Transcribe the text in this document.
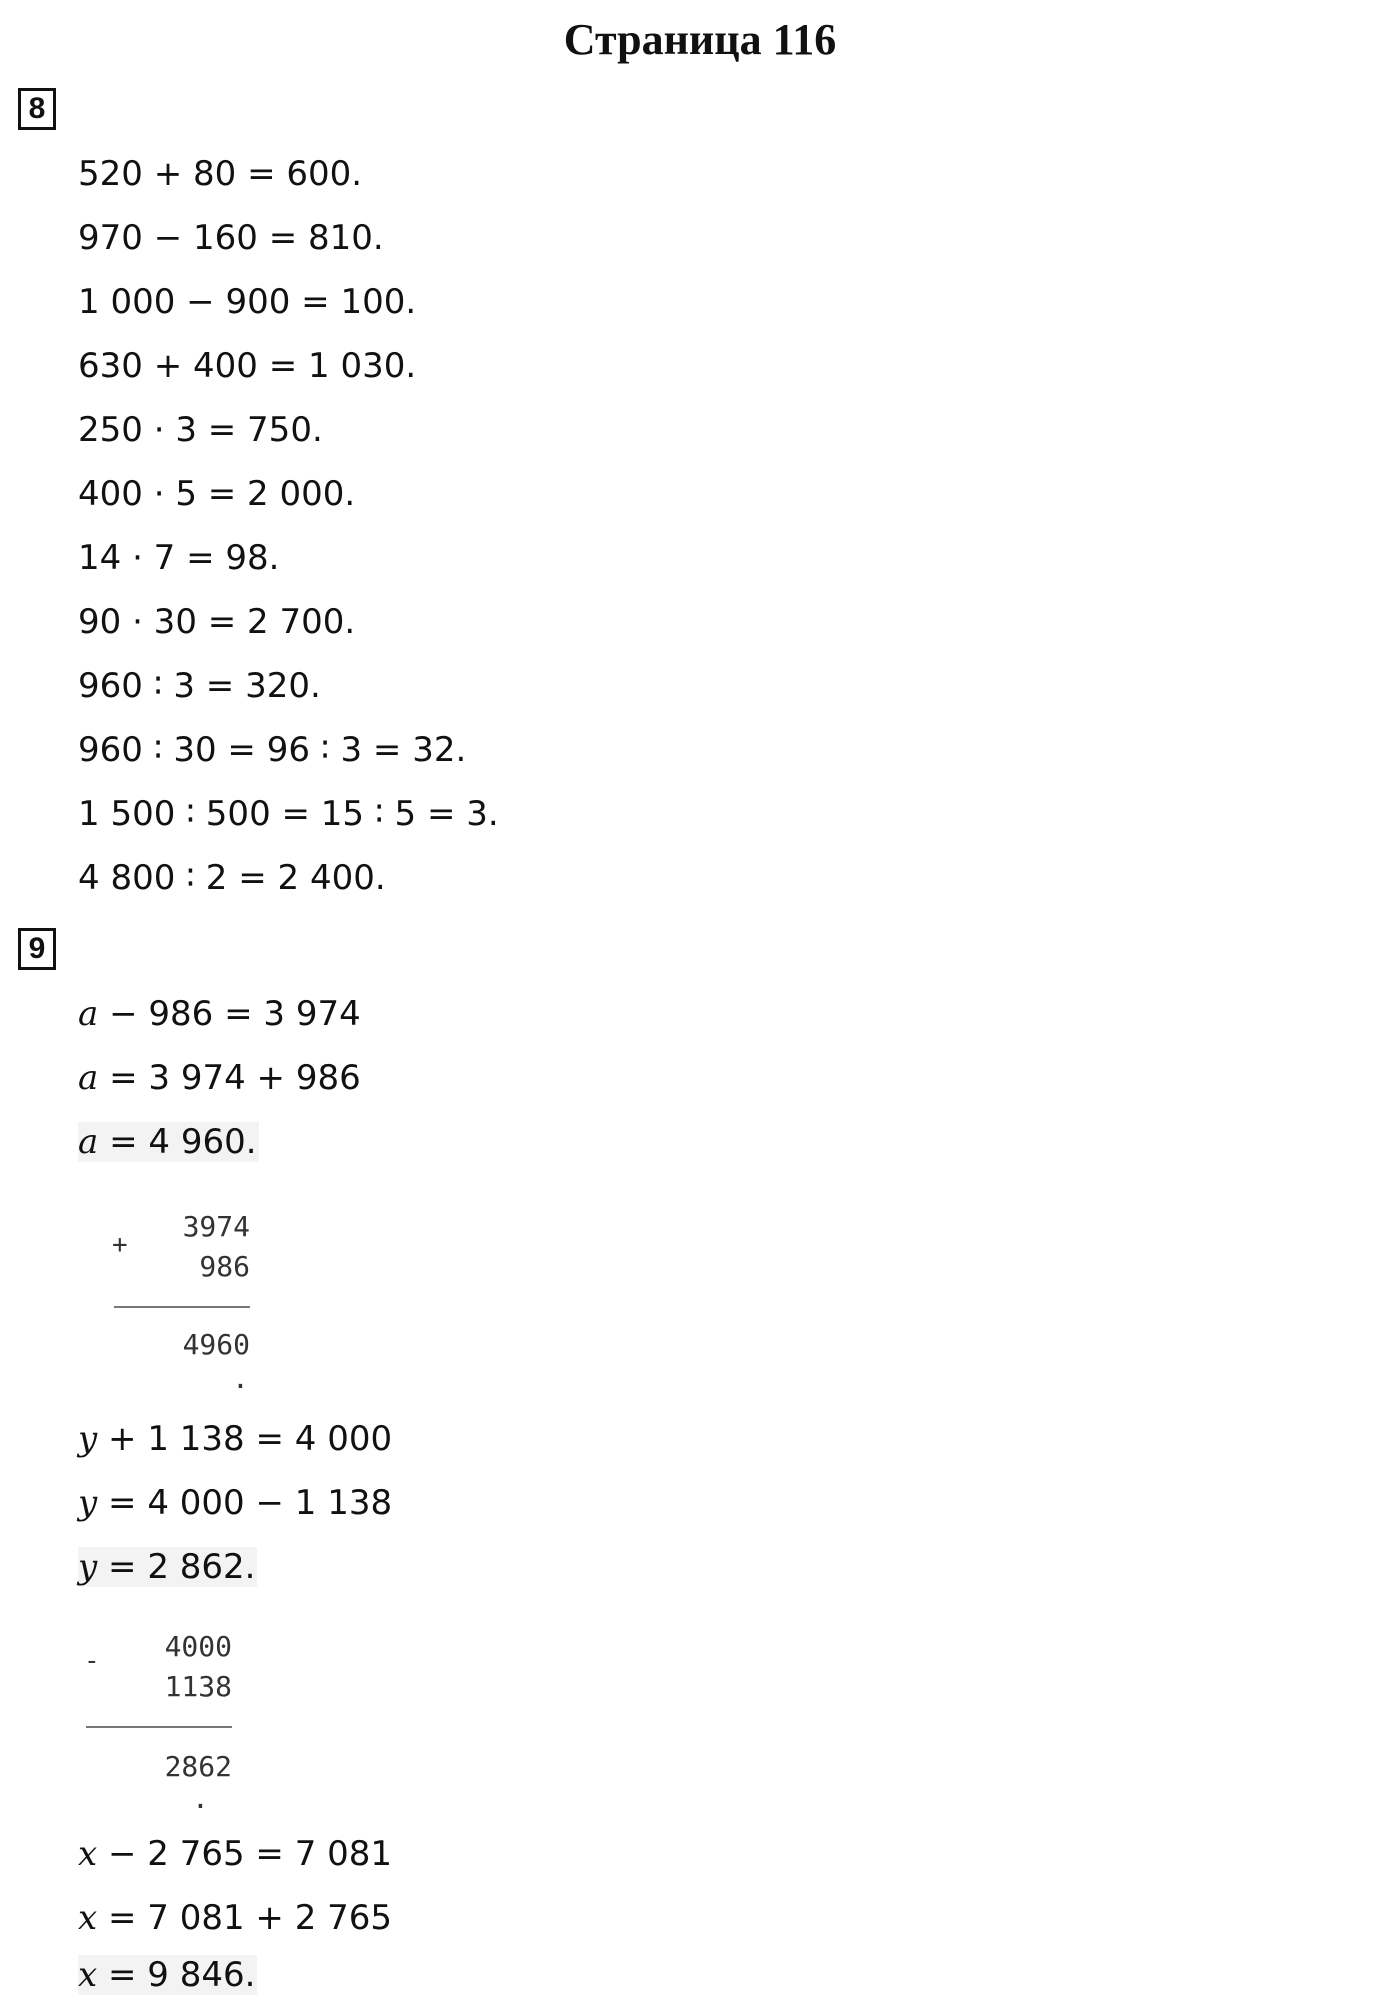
Страница 116
8
520 + 80 = 600.
970 − 160 = 810.
1 000 − 900 = 100.
630 + 400 = 1 030.
250 · 3 = 750.
400 · 5 = 2 000.
14 · 7 = 98.
90 · 30 = 2 700.
960 ∶ 3 = 320.
960 ∶ 30 = 96 ∶ 3 = 32.
1 500 ∶ 500 = 15 ∶ 5 = 3.
4 800 ∶ 2 = 2 400.
9
a − 986 = 3 974
a = 3 974 + 986
a = 4 960.
+
3974
986
4960
.
y + 1 138 = 4 000
y = 4 000 − 1 138
y = 2 862.
- 4000
1138
2862
.
x − 2 765 = 7 081
x = 7 081 + 2 765
x = 9 846.
